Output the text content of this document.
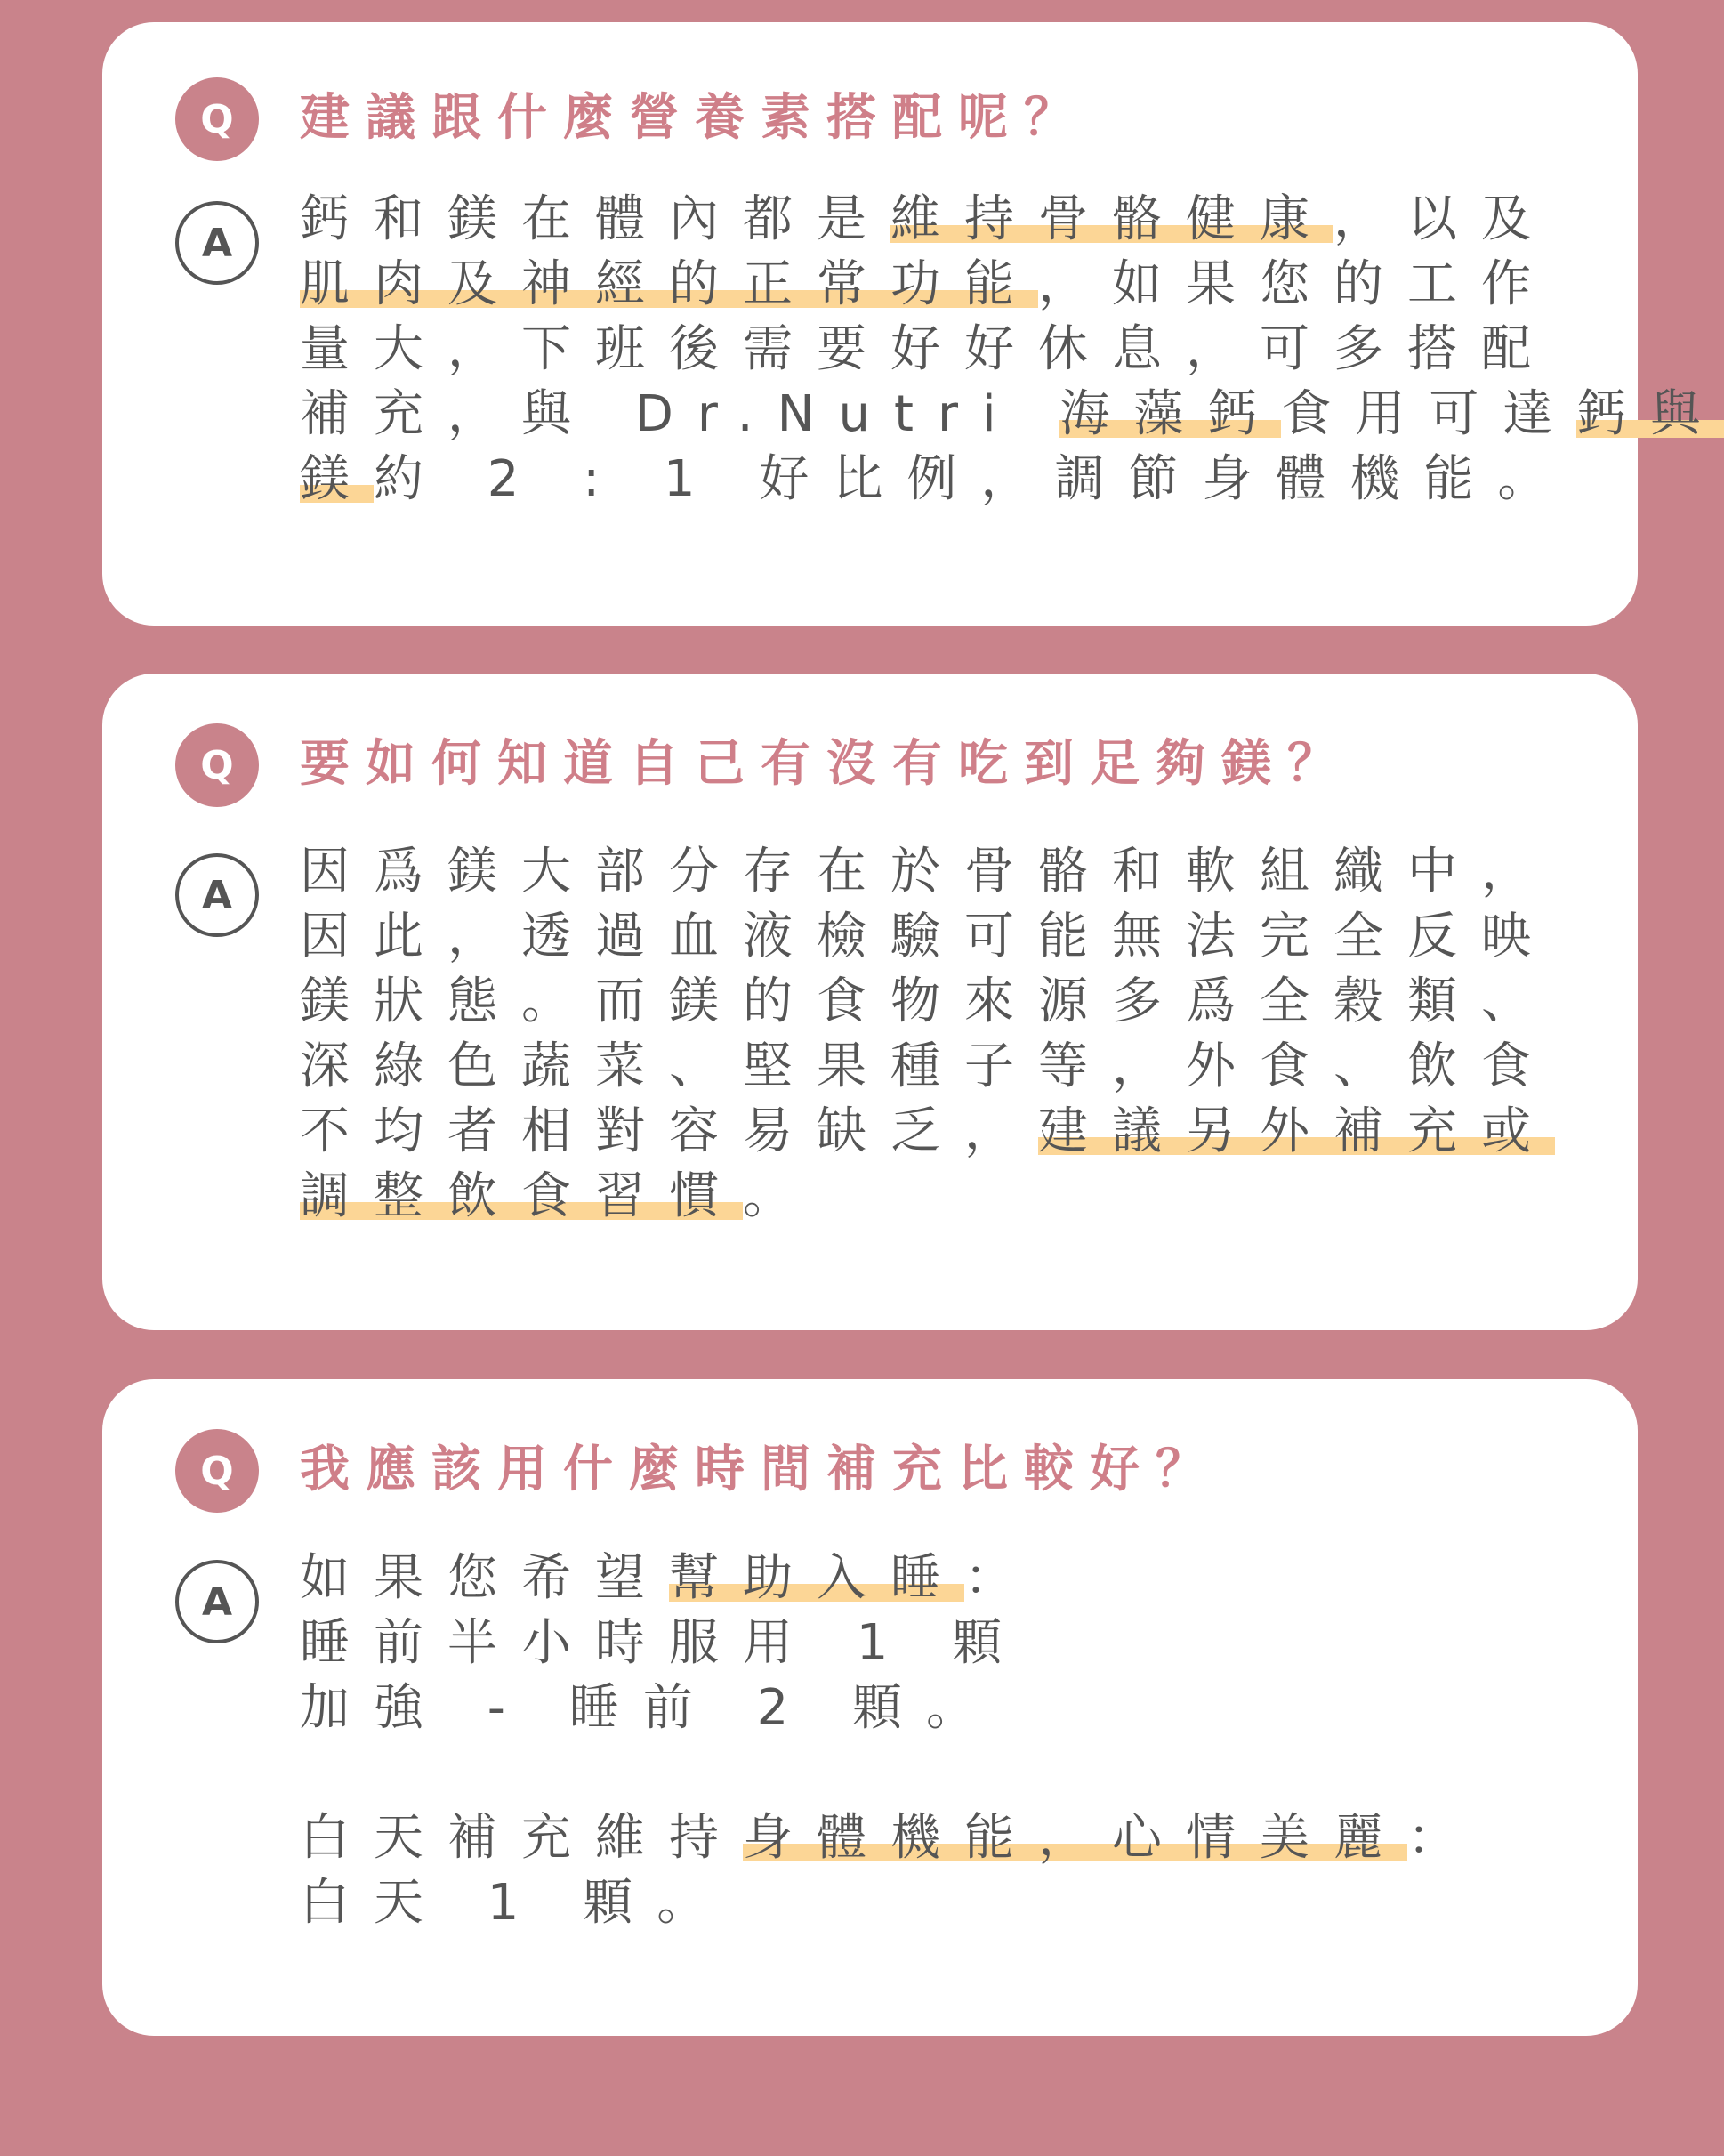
Q	建議跟什麼營養素搭配呢？
A	鈣和鎂在體內都是維持骨骼健康，以及
肌肉及神經的正常功能，如果您的工作
量大，下班後需要好好休息，可多搭配
補充，與 Dr.Nutri 海藻鈣食用可達鈣與
鎂約 2 : 1 好比例，調節身體機能。
Q	要如何知道自己有沒有吃到足夠鎂？
A	因爲鎂大部分存在於骨骼和軟組織中，
因此，透過血液檢驗可能無法完全反映
鎂狀態。而鎂的食物來源多爲全穀類、
深綠色蔬菜、堅果種子等，外食、飲食
不均者相對容易缺乏，建議另外補充或
調整飲食習慣。
Q	我應該用什麼時間補充比較好？
A	如果您希望幫助入睡：
睡前半小時服用 1 顆
加強 - 睡前 2 顆。
白天補充維持身體機能，心情美麗：
白天 1 顆。
